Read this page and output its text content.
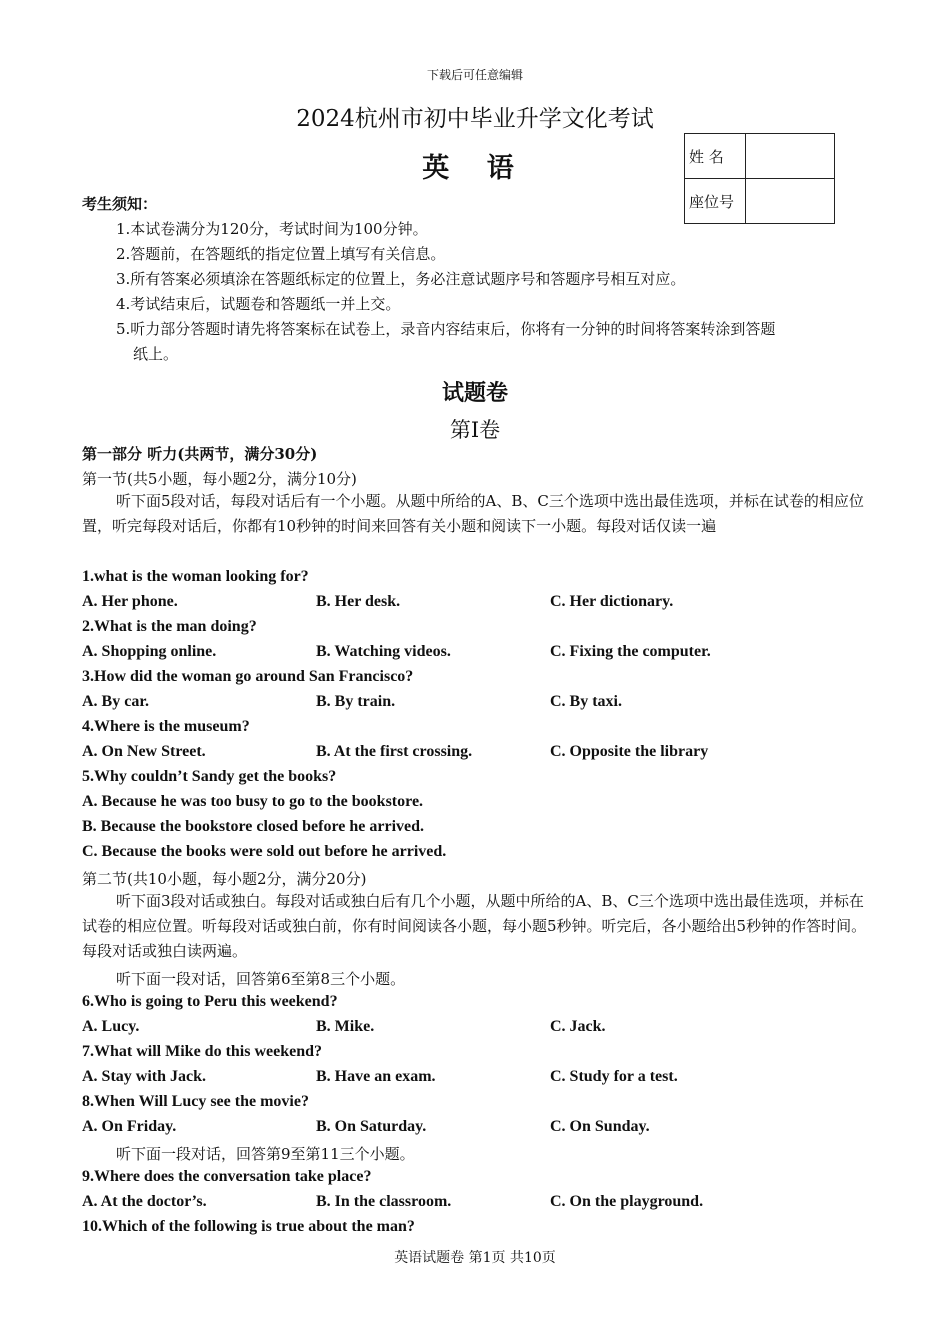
下载后可任意编辑
2024杭州市初中毕业升学文化考试
英 语	姓 名	
座位号	
考生须知：
1.本试卷满分为120分，考试时间为100分钟。
2.答题前，在答题纸的指定位置上填写有关信息。
3.所有答案必须填涂在答题纸标定的位置上，务必注意试题序号和答题序号相互对应。
4.考试结束后，试题卷和答题纸一并上交。
5.听力部分答题时请先将答案标在试卷上，录音内容结束后，你将有一分钟的时间将答案转涂到答题
纸上。
试题卷
第Ⅰ卷
第一部分 听力(共两节，满分30分)
第一节(共5小题，每小题2分，满分10分)
听下面5段对话，每段对话后有一个小题。从题中所给的A、B、C三个选项中选出最佳选项，并标在试卷的相应位置，听完每段对话后，你都有10秒钟的时间来回答有关小题和阅读下一小题。每段对话仅读一遍
1.what is the woman looking for?
A. Her phone.	B. Her desk.	C. Her dictionary.
2.What is the man doing?
A. Shopping online.	B. Watching videos.	C. Fixing the computer.
3.How did the woman go around San Francisco?
A. By car.	B. By train.	C. By taxi.
4.Where is the museum?
A. On New Street.	B. At the first crossing.	C. Opposite the library
5.Why couldn’t Sandy get the books?
A. Because he was too busy to go to the bookstore.
B. Because the bookstore closed before he arrived.
C. Because the books were sold out before he arrived.
第二节(共10小题，每小题2分，满分20分)
听下面3段对话或独白。每段对话或独白后有几个小题，从题中所给的A、B、C三个选项中选出最佳选项，并标在试卷的相应位置。听每段对话或独白前，你有时间阅读各小题，每小题5秒钟。听完后，各小题给出5秒钟的作答时间。每段对话或独白读两遍。
听下面一段对话，回答第6至第8三个小题。
6.Who is going to Peru this weekend?
A. Lucy.	B. Mike.	C. Jack.
7.What will Mike do this weekend?
A. Stay with Jack.	B. Have an exam.	C. Study for a test.
8.When Will Lucy see the movie?
A. On Friday.	B. On Saturday.	C. On Sunday.
听下面一段对话，回答第9至第11三个小题。
9.Where does the conversation take place?
A. At the doctor’s.	B. In the classroom.	C. On the playground.
10.Which of the following is true about the man?
英语试题卷 第1页 共10页
